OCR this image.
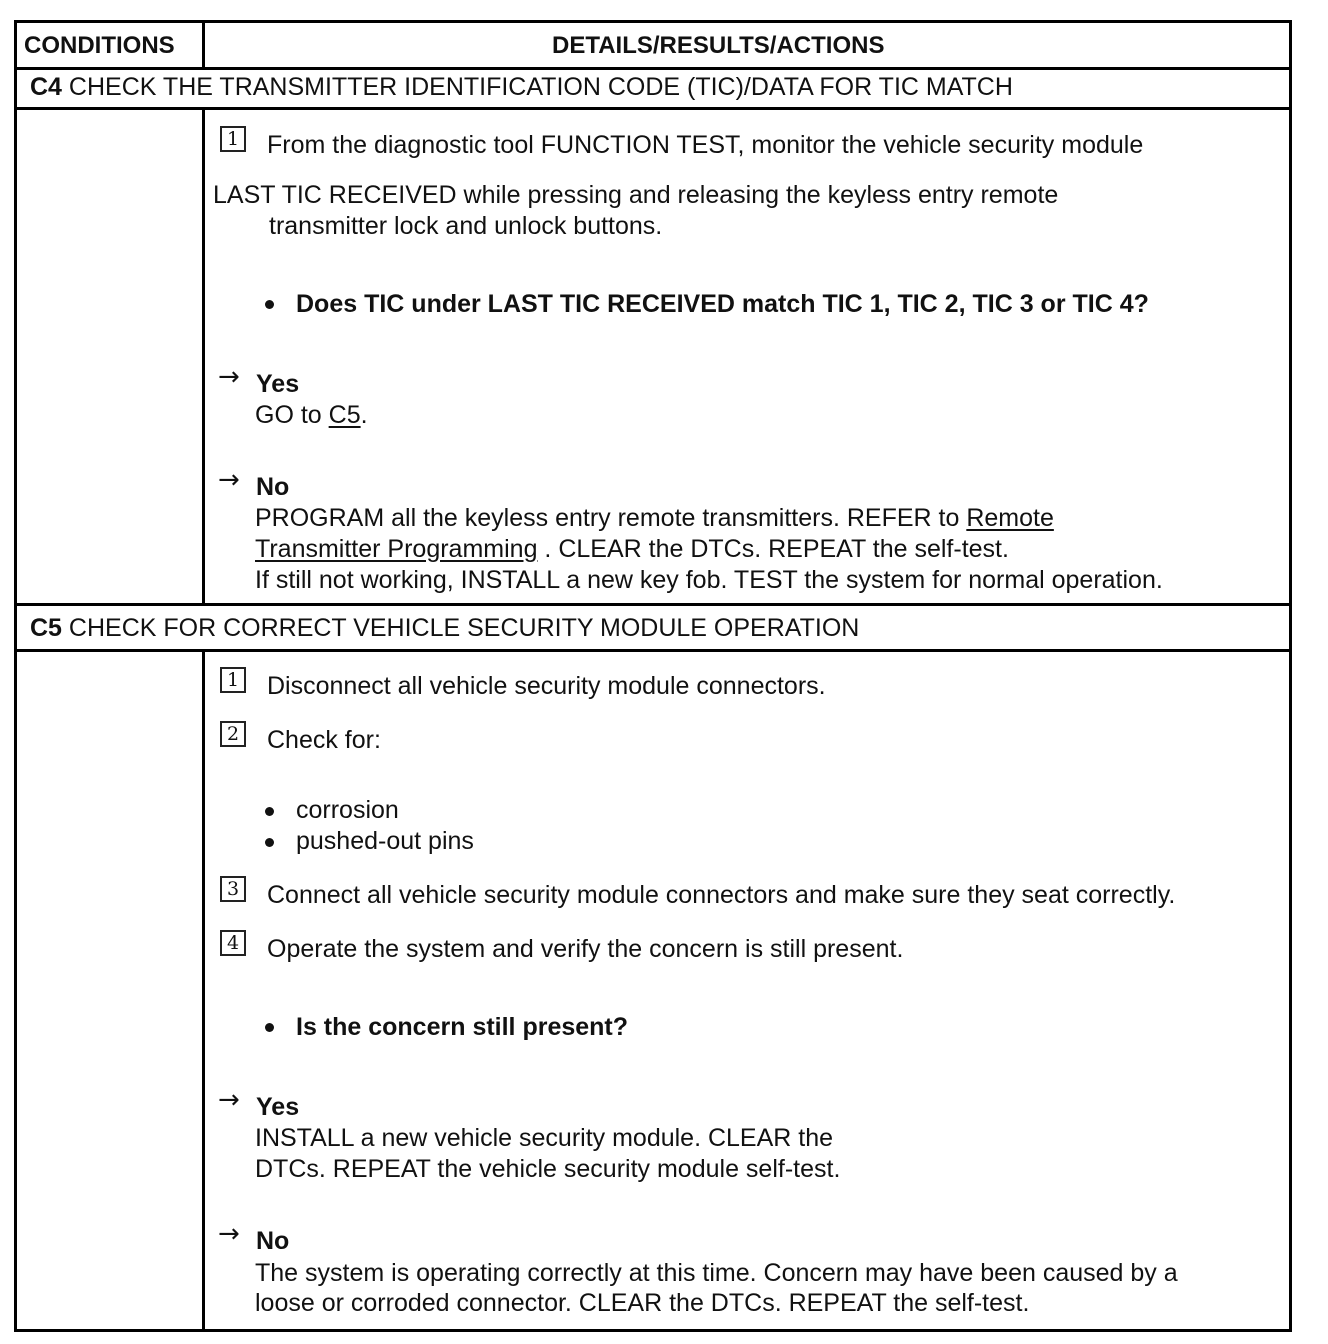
CONDITIONS	DETAILS/RESULTS/ACTIONS
C4 CHECK THE TRANSMITTER IDENTIFICATION CODE (TIC)/DATA FOR TIC MATCH
1 From the diagnostic tool FUNCTION TEST, monitor the vehicle security module
LAST TIC RECEIVED while pressing and releasing the keyless entry remote
transmitter lock and unlock buttons.
Does TIC under LAST TIC RECEIVED match TIC 1, TIC 2, TIC 3 or TIC 4?
→ Yes
GO to C5.
→ No
PROGRAM all the keyless entry remote transmitters. REFER to Remote
Transmitter Programming . CLEAR the DTCs. REPEAT the self-test.
If still not working, INSTALL a new key fob. TEST the system for normal operation.
C5 CHECK FOR CORRECT VEHICLE SECURITY MODULE OPERATION
1 Disconnect all vehicle security module connectors.
2 Check for:
corrosion
pushed-out pins
3 Connect all vehicle security module connectors and make sure they seat correctly.
4 Operate the system and verify the concern is still present.
Is the concern still present?
→ Yes
INSTALL a new vehicle security module. CLEAR the
DTCs. REPEAT the vehicle security module self-test.
→ No
The system is operating correctly at this time. Concern may have been caused by a
loose or corroded connector. CLEAR the DTCs. REPEAT the self-test.
